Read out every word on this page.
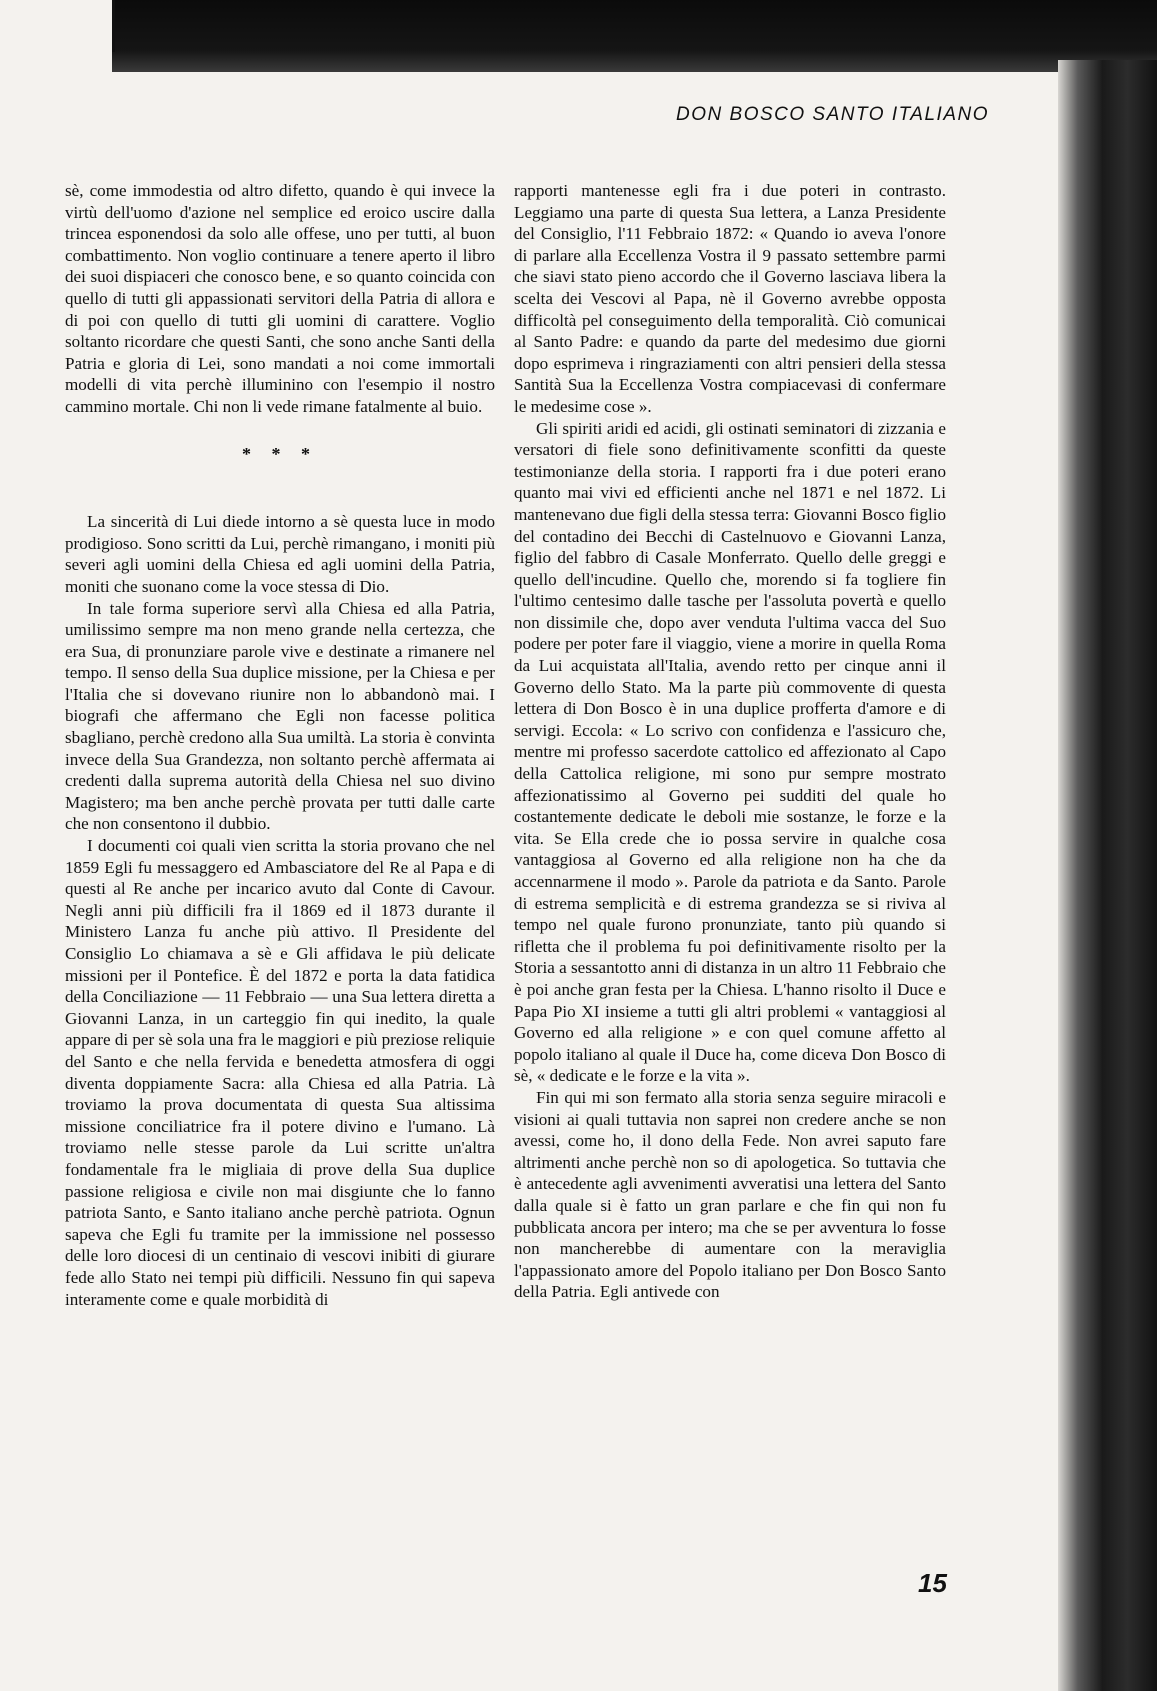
DON BOSCO SANTO ITALIANO

sè, come immodestia od altro difetto, quando è qui invece la virtù dell'uomo d'azione nel semplice ed eroico uscire dalla trincea esponendosi da solo alle offese, uno per tutti, al buon combattimento. Non voglio continuare a tenere aperto il libro dei suoi dispiaceri che conosco bene, e so quanto coincida con quello di tutti gli appassionati servitori della Patria di allora e di poi con quello di tutti gli uomini di carattere. Voglio soltanto ricordare che questi Santi, che sono anche Santi della Patria e gloria di Lei, sono mandati a noi come immortali modelli di vita perchè illuminino con l'esempio il nostro cammino mortale. Chi non li vede rimane fatalmente al buio.

* * *

La sincerità di Lui diede intorno a sè questa luce in modo prodigioso. Sono scritti da Lui, perchè rimangano, i moniti più severi agli uomini della Chiesa ed agli uomini della Patria, moniti che suonano come la voce stessa di Dio.

In tale forma superiore servì alla Chiesa ed alla Patria, umilissimo sempre ma non meno grande nella certezza, che era Sua, di pronunziare parole vive e destinate a rimanere nel tempo. Il senso della Sua duplice missione, per la Chiesa e per l'Italia che si dovevano riunire non lo abbandonò mai. I biografi che affermano che Egli non facesse politica sbagliano, perchè credono alla Sua umiltà. La storia è convinta invece della Sua Grandezza, non soltanto perchè affermata ai credenti dalla suprema autorità della Chiesa nel suo divino Magistero; ma ben anche perchè provata per tutti dalle carte che non consentono il dubbio.

I documenti coi quali vien scritta la storia provano che nel 1859 Egli fu messaggero ed Ambasciatore del Re al Papa e di questi al Re anche per incarico avuto dal Conte di Cavour. Negli anni più difficili fra il 1869 ed il 1873 durante il Ministero Lanza fu anche più attivo. Il Presidente del Consiglio Lo chiamava a sè e Gli affidava le più delicate missioni per il Pontefice. È del 1872 e porta la data fatidica della Conciliazione — 11 Febbraio — una Sua lettera diretta a Giovanni Lanza, in un carteggio fin qui inedito, la quale appare di per sè sola una fra le maggiori e più preziose reliquie del Santo e che nella fervida e benedetta atmosfera di oggi diventa doppiamente Sacra: alla Chiesa ed alla Patria. Là troviamo la prova documentata di questa Sua altissima missione conciliatrice fra il potere divino e l'umano. Là troviamo nelle stesse parole da Lui scritte un'altra fondamentale fra le migliaia di prove della Sua duplice passione religiosa e civile non mai disgiunte che lo fanno patriota Santo, e Santo italiano anche perchè patriota. Ognun sapeva che Egli fu tramite per la immissione nel possesso delle loro diocesi di un centinaio di vescovi inibiti di giurare fede allo Stato nei tempi più difficili. Nessuno fin qui sapeva interamente come e quale morbidità di

rapporti mantenesse egli fra i due poteri in contrasto. Leggiamo una parte di questa Sua lettera, a Lanza Presidente del Consiglio, l'11 Febbraio 1872: « Quando io aveva l'onore di parlare alla Eccellenza Vostra il 9 passato settembre parmi che siavi stato pieno accordo che il Governo lasciava libera la scelta dei Vescovi al Papa, nè il Governo avrebbe opposta difficoltà pel conseguimento della temporalità. Ciò comunicai al Santo Padre: e quando da parte del medesimo due giorni dopo esprimeva i ringraziamenti con altri pensieri della stessa Santità Sua la Eccellenza Vostra compiacevasi di confermare le medesime cose ».

Gli spiriti aridi ed acidi, gli ostinati seminatori di zizzania e versatori di fiele sono definitivamente sconfitti da queste testimonianze della storia. I rapporti fra i due poteri erano quanto mai vivi ed efficienti anche nel 1871 e nel 1872. Li mantenevano due figli della stessa terra: Giovanni Bosco figlio del contadino dei Becchi di Castelnuovo e Giovanni Lanza, figlio del fabbro di Casale Monferrato. Quello delle greggi e quello dell'incudine. Quello che, morendo si fa togliere fin l'ultimo centesimo dalle tasche per l'assoluta povertà e quello non dissimile che, dopo aver venduta l'ultima vacca del Suo podere per poter fare il viaggio, viene a morire in quella Roma da Lui acquistata all'Italia, avendo retto per cinque anni il Governo dello Stato. Ma la parte più commovente di questa lettera di Don Bosco è in una duplice profferta d'amore e di servigi. Eccola: « Lo scrivo con confidenza e l'assicuro che, mentre mi professo sacerdote cattolico ed affezionato al Capo della Cattolica religione, mi sono pur sempre mostrato affezionatissimo al Governo pei sudditi del quale ho costantemente dedicate le deboli mie sostanze, le forze e la vita. Se Ella crede che io possa servire in qualche cosa vantaggiosa al Governo ed alla religione non ha che da accennarmene il modo ». Parole da patriota e da Santo. Parole di estrema semplicità e di estrema grandezza se si riviva al tempo nel quale furono pronunziate, tanto più quando si rifletta che il problema fu poi definitivamente risolto per la Storia a sessantotto anni di distanza in un altro 11 Febbraio che è poi anche gran festa per la Chiesa. L'hanno risolto il Duce e Papa Pio XI insieme a tutti gli altri problemi « vantaggiosi al Governo ed alla religione » e con quel comune affetto al popolo italiano al quale il Duce ha, come diceva Don Bosco di sè, « dedicate e le forze e la vita ».

Fin qui mi son fermato alla storia senza seguire miracoli e visioni ai quali tuttavia non saprei non credere anche se non avessi, come ho, il dono della Fede. Non avrei saputo fare altrimenti anche perchè non so di apologetica. So tuttavia che è antecedente agli avvenimenti avveratisi una lettera del Santo dalla quale si è fatto un gran parlare e che fin qui non fu pubblicata ancora per intero; ma che se per avventura lo fosse non mancherebbe di aumentare con la meraviglia l'appassionato amore del Popolo italiano per Don Bosco Santo della Patria. Egli antivede con

15
